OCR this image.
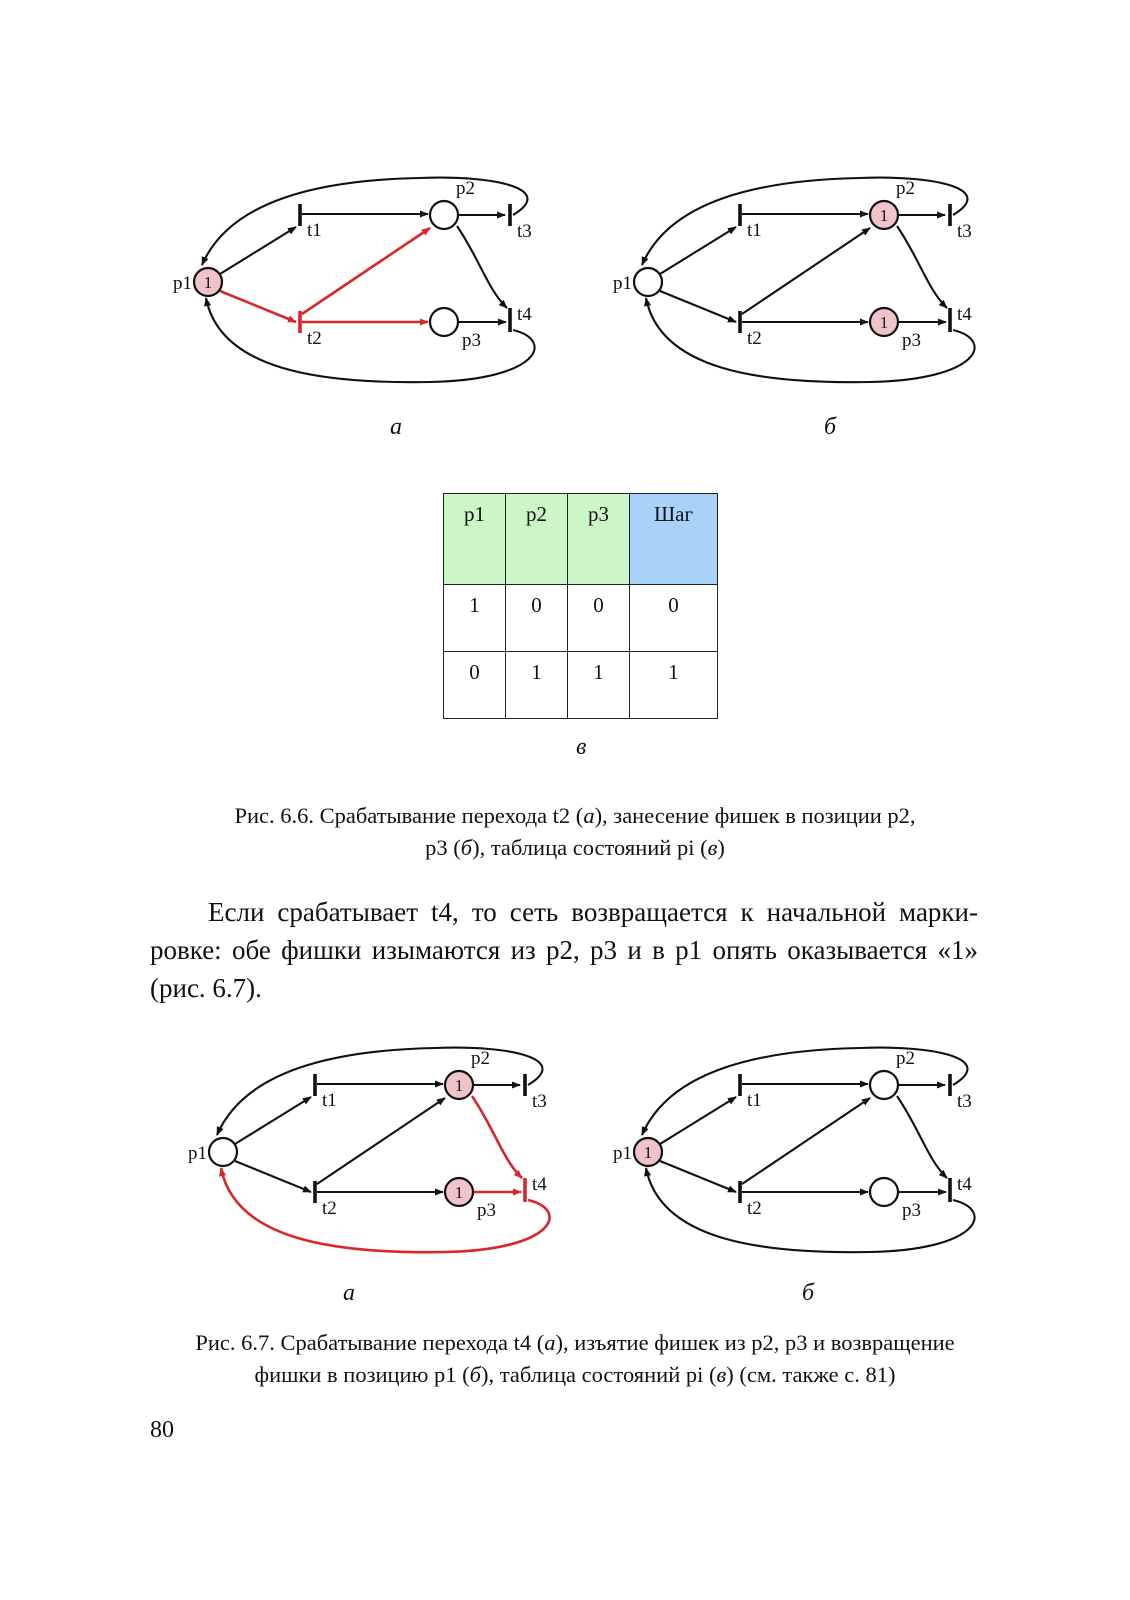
1
p1
p2
p3
t1
t2
t3
t4
1
1
p1
p2
p3
t1
t2
t3
t4
а	б
p1	p2	p3	Шаг
1	0	0	0
0	1	1	1
в
Рис. 6.6. Срабатывание перехода t2 (а), занесение фишек в позиции p2,
p3 (б), таблица состояний pi (в)
Если срабатывает t4, то сеть возвращается к начальной марки-
ровке: обе фишки изымаются из p2, p3 и в p1 опять оказывается «1»
(рис. 6.7).
1
1
p1
p2
p3
t1
t2
t3
t4
1
p1
p2
p3
t1
t2
t3
t4
а	б
Рис. 6.7. Срабатывание перехода t4 (а), изъятие фишек из p2, p3 и возвращение
фишки в позицию p1 (б), таблица состояний pi (в) (см. также с. 81)
80
